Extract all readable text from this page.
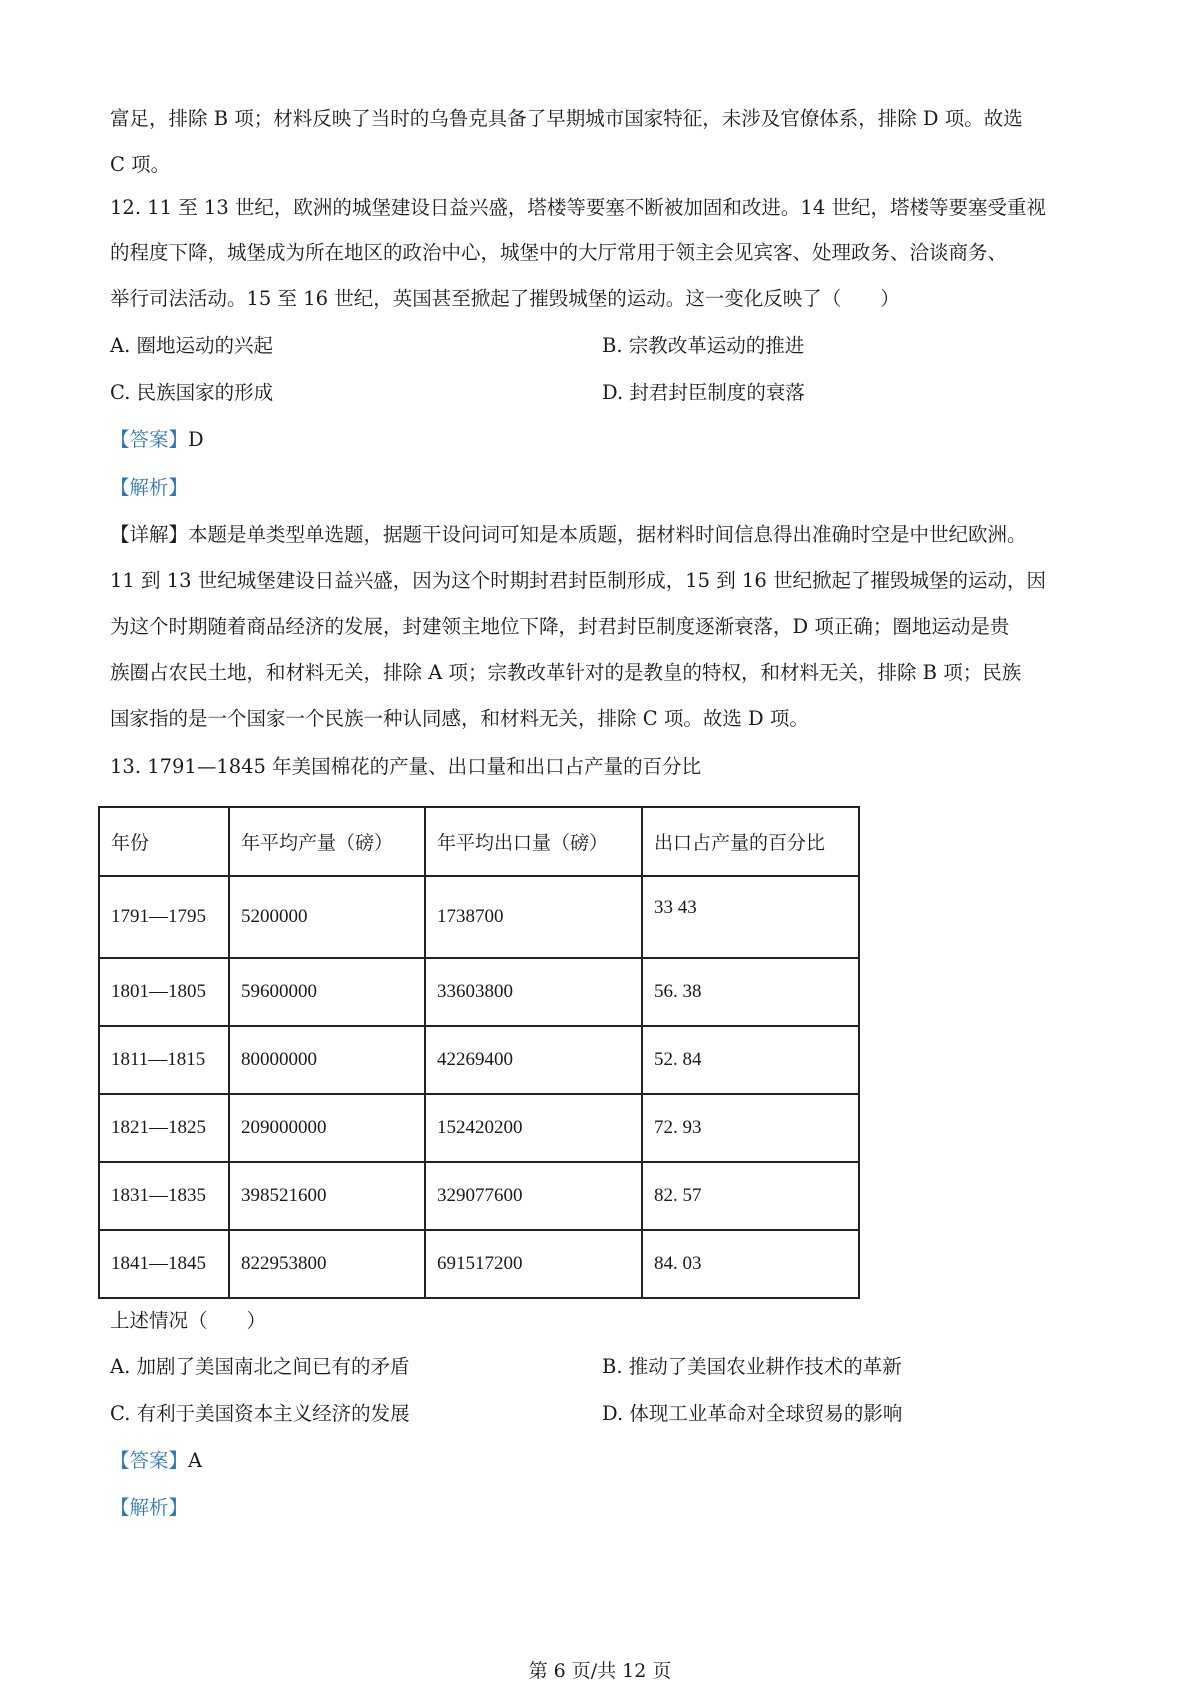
富足，排除 B 项；材料反映了当时的乌鲁克具备了早期城市国家特征，未涉及官僚体系，排除 D 项。故选
C 项。
12. 11 至 13 世纪，欧洲的城堡建设日益兴盛，塔楼等要塞不断被加固和改进。14 世纪，塔楼等要塞受重视
的程度下降，城堡成为所在地区的政治中心，城堡中的大厅常用于领主会见宾客、处理政务、洽谈商务、
举行司法活动。15 至 16 世纪，英国甚至掀起了摧毁城堡的运动。这一变化反映了（　　）
A. 圈地运动的兴起	B. 宗教改革运动的推进
C. 民族国家的形成	D. 封君封臣制度的衰落
【答案】D
【解析】
【详解】本题是单类型单选题，据题干设问词可知是本质题，据材料时间信息得出准确时空是中世纪欧洲。
11 到 13 世纪城堡建设日益兴盛，因为这个时期封君封臣制形成，15 到 16 世纪掀起了摧毁城堡的运动，因
为这个时期随着商品经济的发展，封建领主地位下降，封君封臣制度逐渐衰落，D 项正确；圈地运动是贵
族圈占农民土地，和材料无关，排除 A 项；宗教改革针对的是教皇的特权，和材料无关，排除 B 项；民族
国家指的是一个国家一个民族一种认同感，和材料无关，排除 C 项。故选 D 项。
13. 1791—1845 年美国棉花的产量、出口量和出口占产量的百分比
年份	年平均产量（磅）	年平均出口量（磅）	出口占产量的百分比
1791—1795	5200000	1738700	33 43
1801—1805	59600000	33603800	56. 38
1811—1815	80000000	42269400	52. 84
1821—1825	209000000	152420200	72. 93
1831—1835	398521600	329077600	82. 57
1841—1845	822953800	691517200	84. 03
上述情况（　　）
A. 加剧了美国南北之间已有的矛盾	B. 推动了美国农业耕作技术的革新
C. 有利于美国资本主义经济的发展	D. 体现工业革命对全球贸易的影响
【答案】A
【解析】
第 6 页/共 12 页
